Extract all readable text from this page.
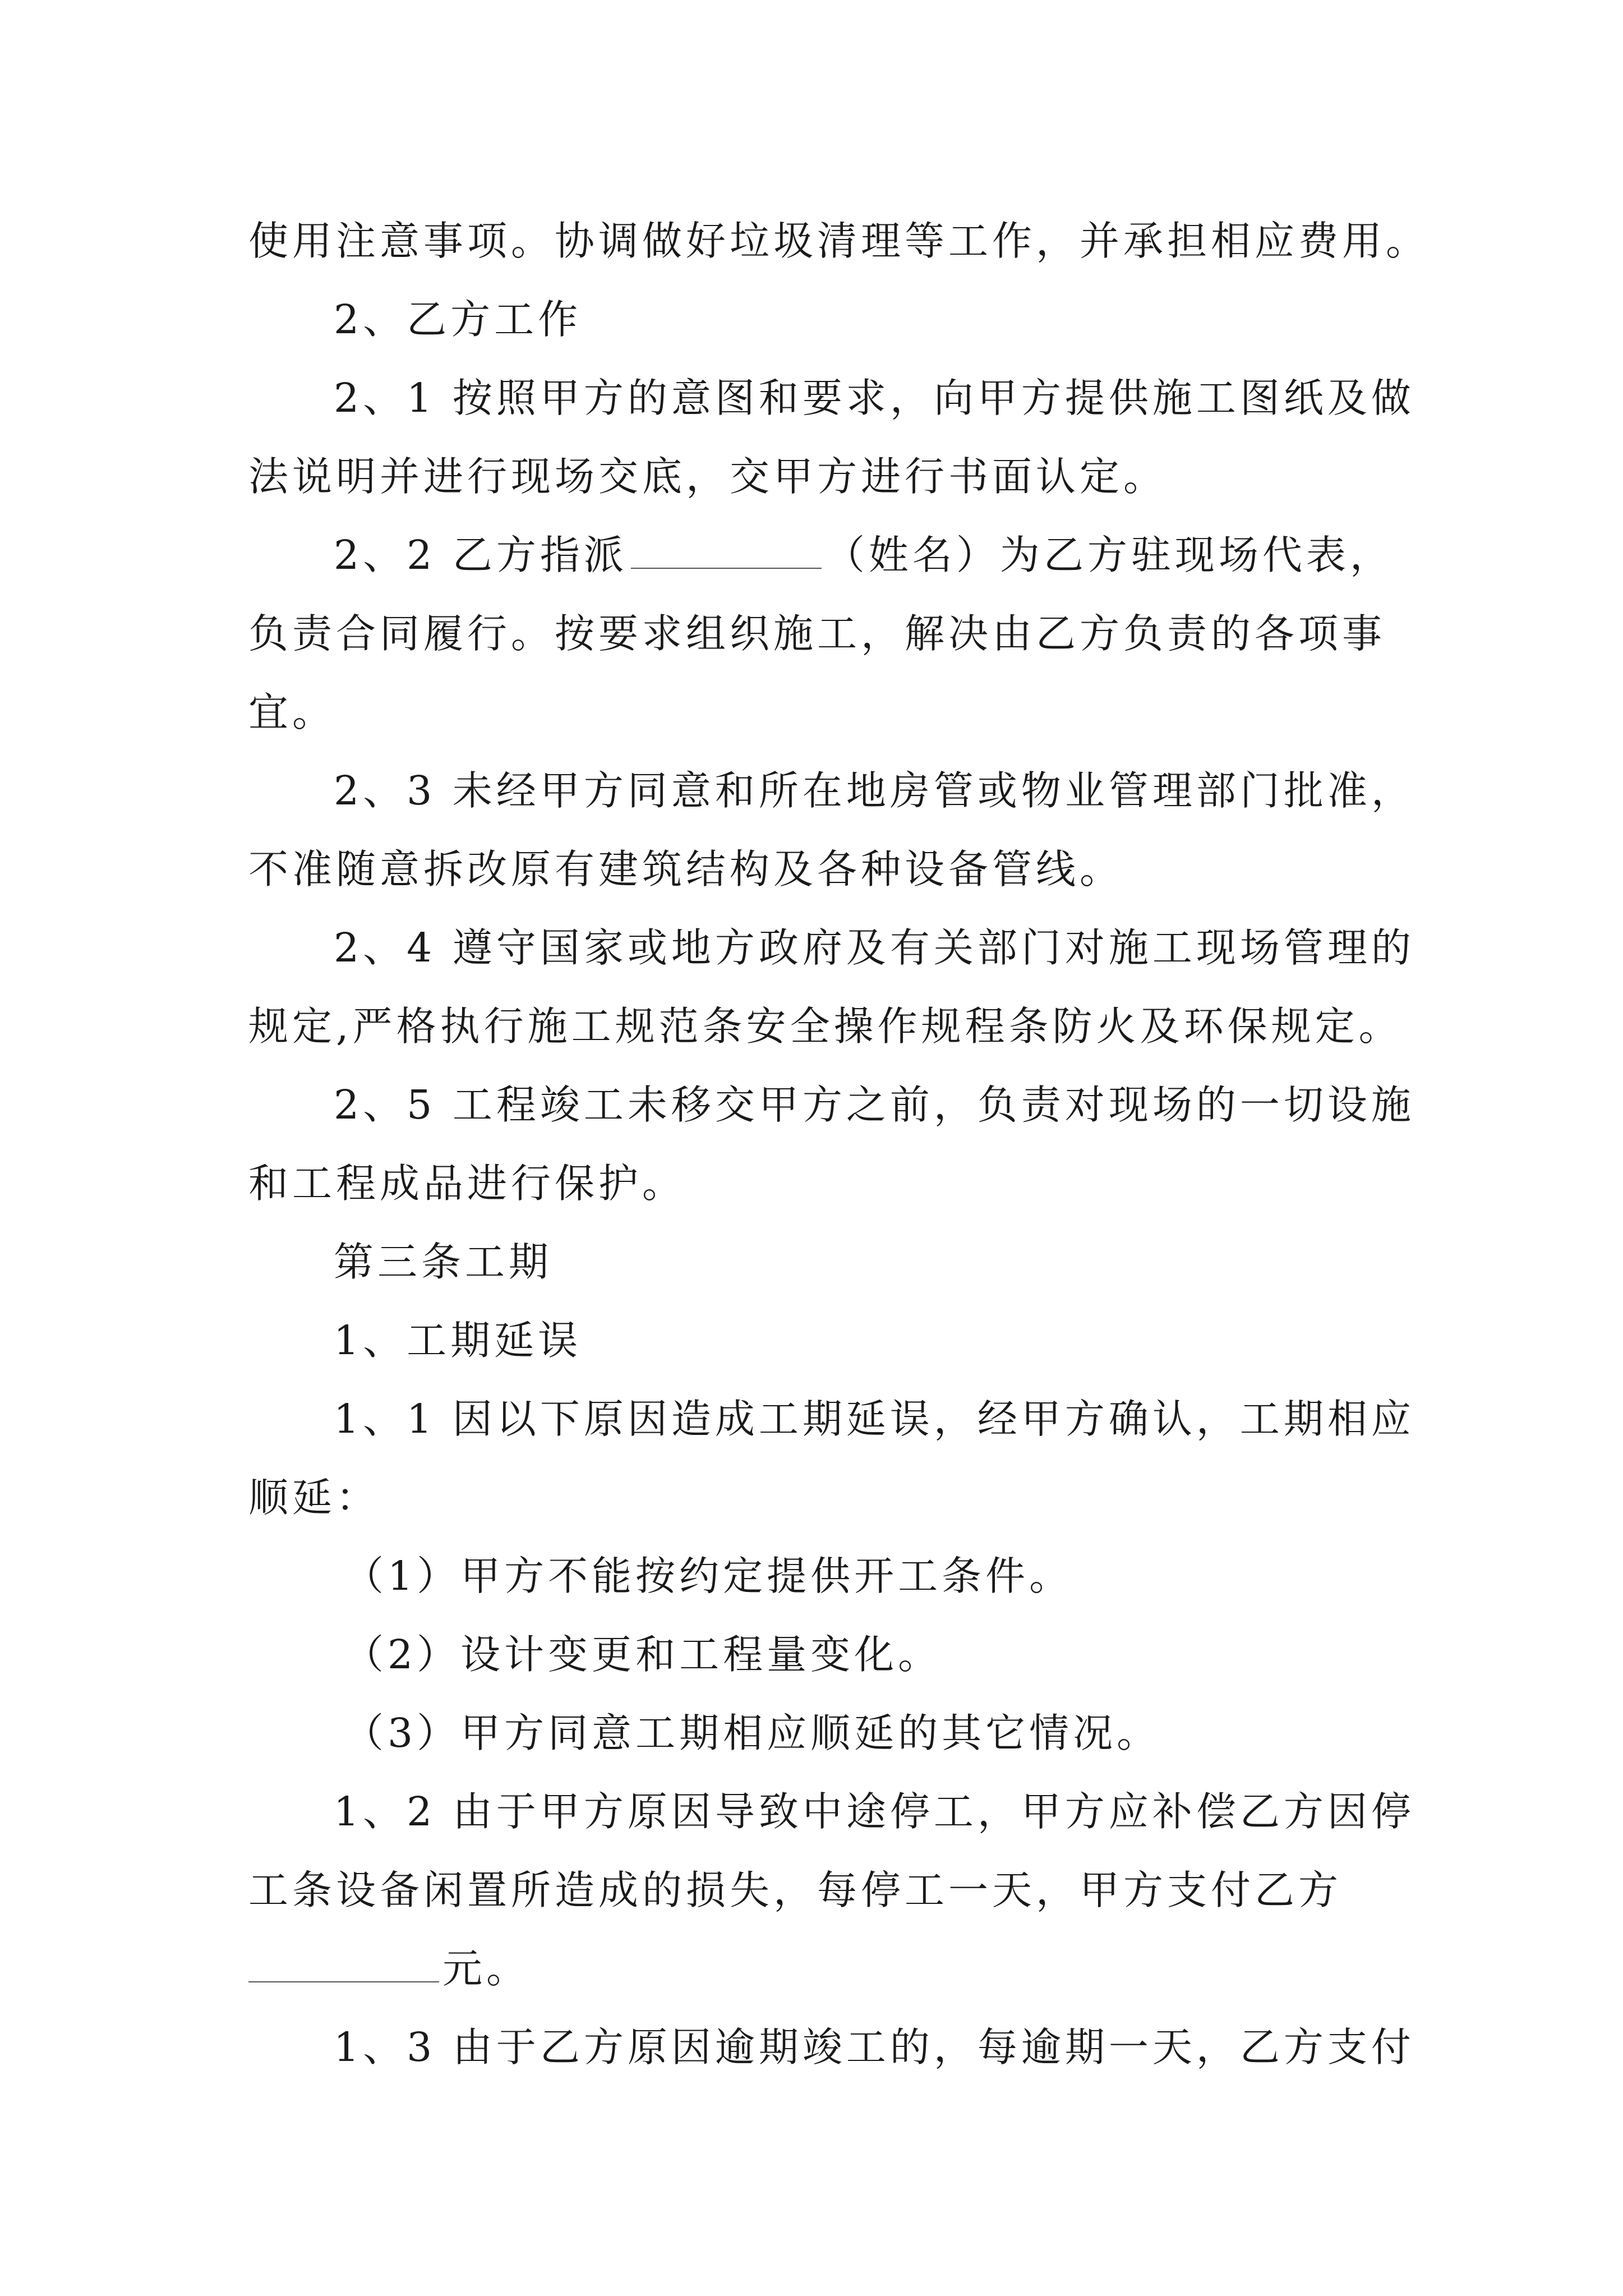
使用注意事项。协调做好垃圾清理等工作，并承担相应费用。
2、乙方工作
2、1 按照甲方的意图和要求，向甲方提供施工图纸及做
法说明并进行现场交底，交甲方进行书面认定。
2、2 乙方指派	（姓名）为乙方驻现场代表，
负责合同履行。按要求组织施工，解决由乙方负责的各项事
宜。
2、3 未经甲方同意和所在地房管或物业管理部门批准，
不准随意拆改原有建筑结构及各种设备管线。
2、4 遵守国家或地方政府及有关部门对施工现场管理的
规定,严格执行施工规范条安全操作规程条防火及环保规定。
2、5 工程竣工未移交甲方之前，负责对现场的一切设施
和工程成品进行保护。
第三条工期
1、工期延误
1、1 因以下原因造成工期延误，经甲方确认，工期相应
顺延：
（1）甲方不能按约定提供开工条件。
（2）设计变更和工程量变化。
（3）甲方同意工期相应顺延的其它情况。
1、2 由于甲方原因导致中途停工，甲方应补偿乙方因停
工条设备闲置所造成的损失，每停工一天，甲方支付乙方
元。
1、3 由于乙方原因逾期竣工的，每逾期一天，乙方支付
